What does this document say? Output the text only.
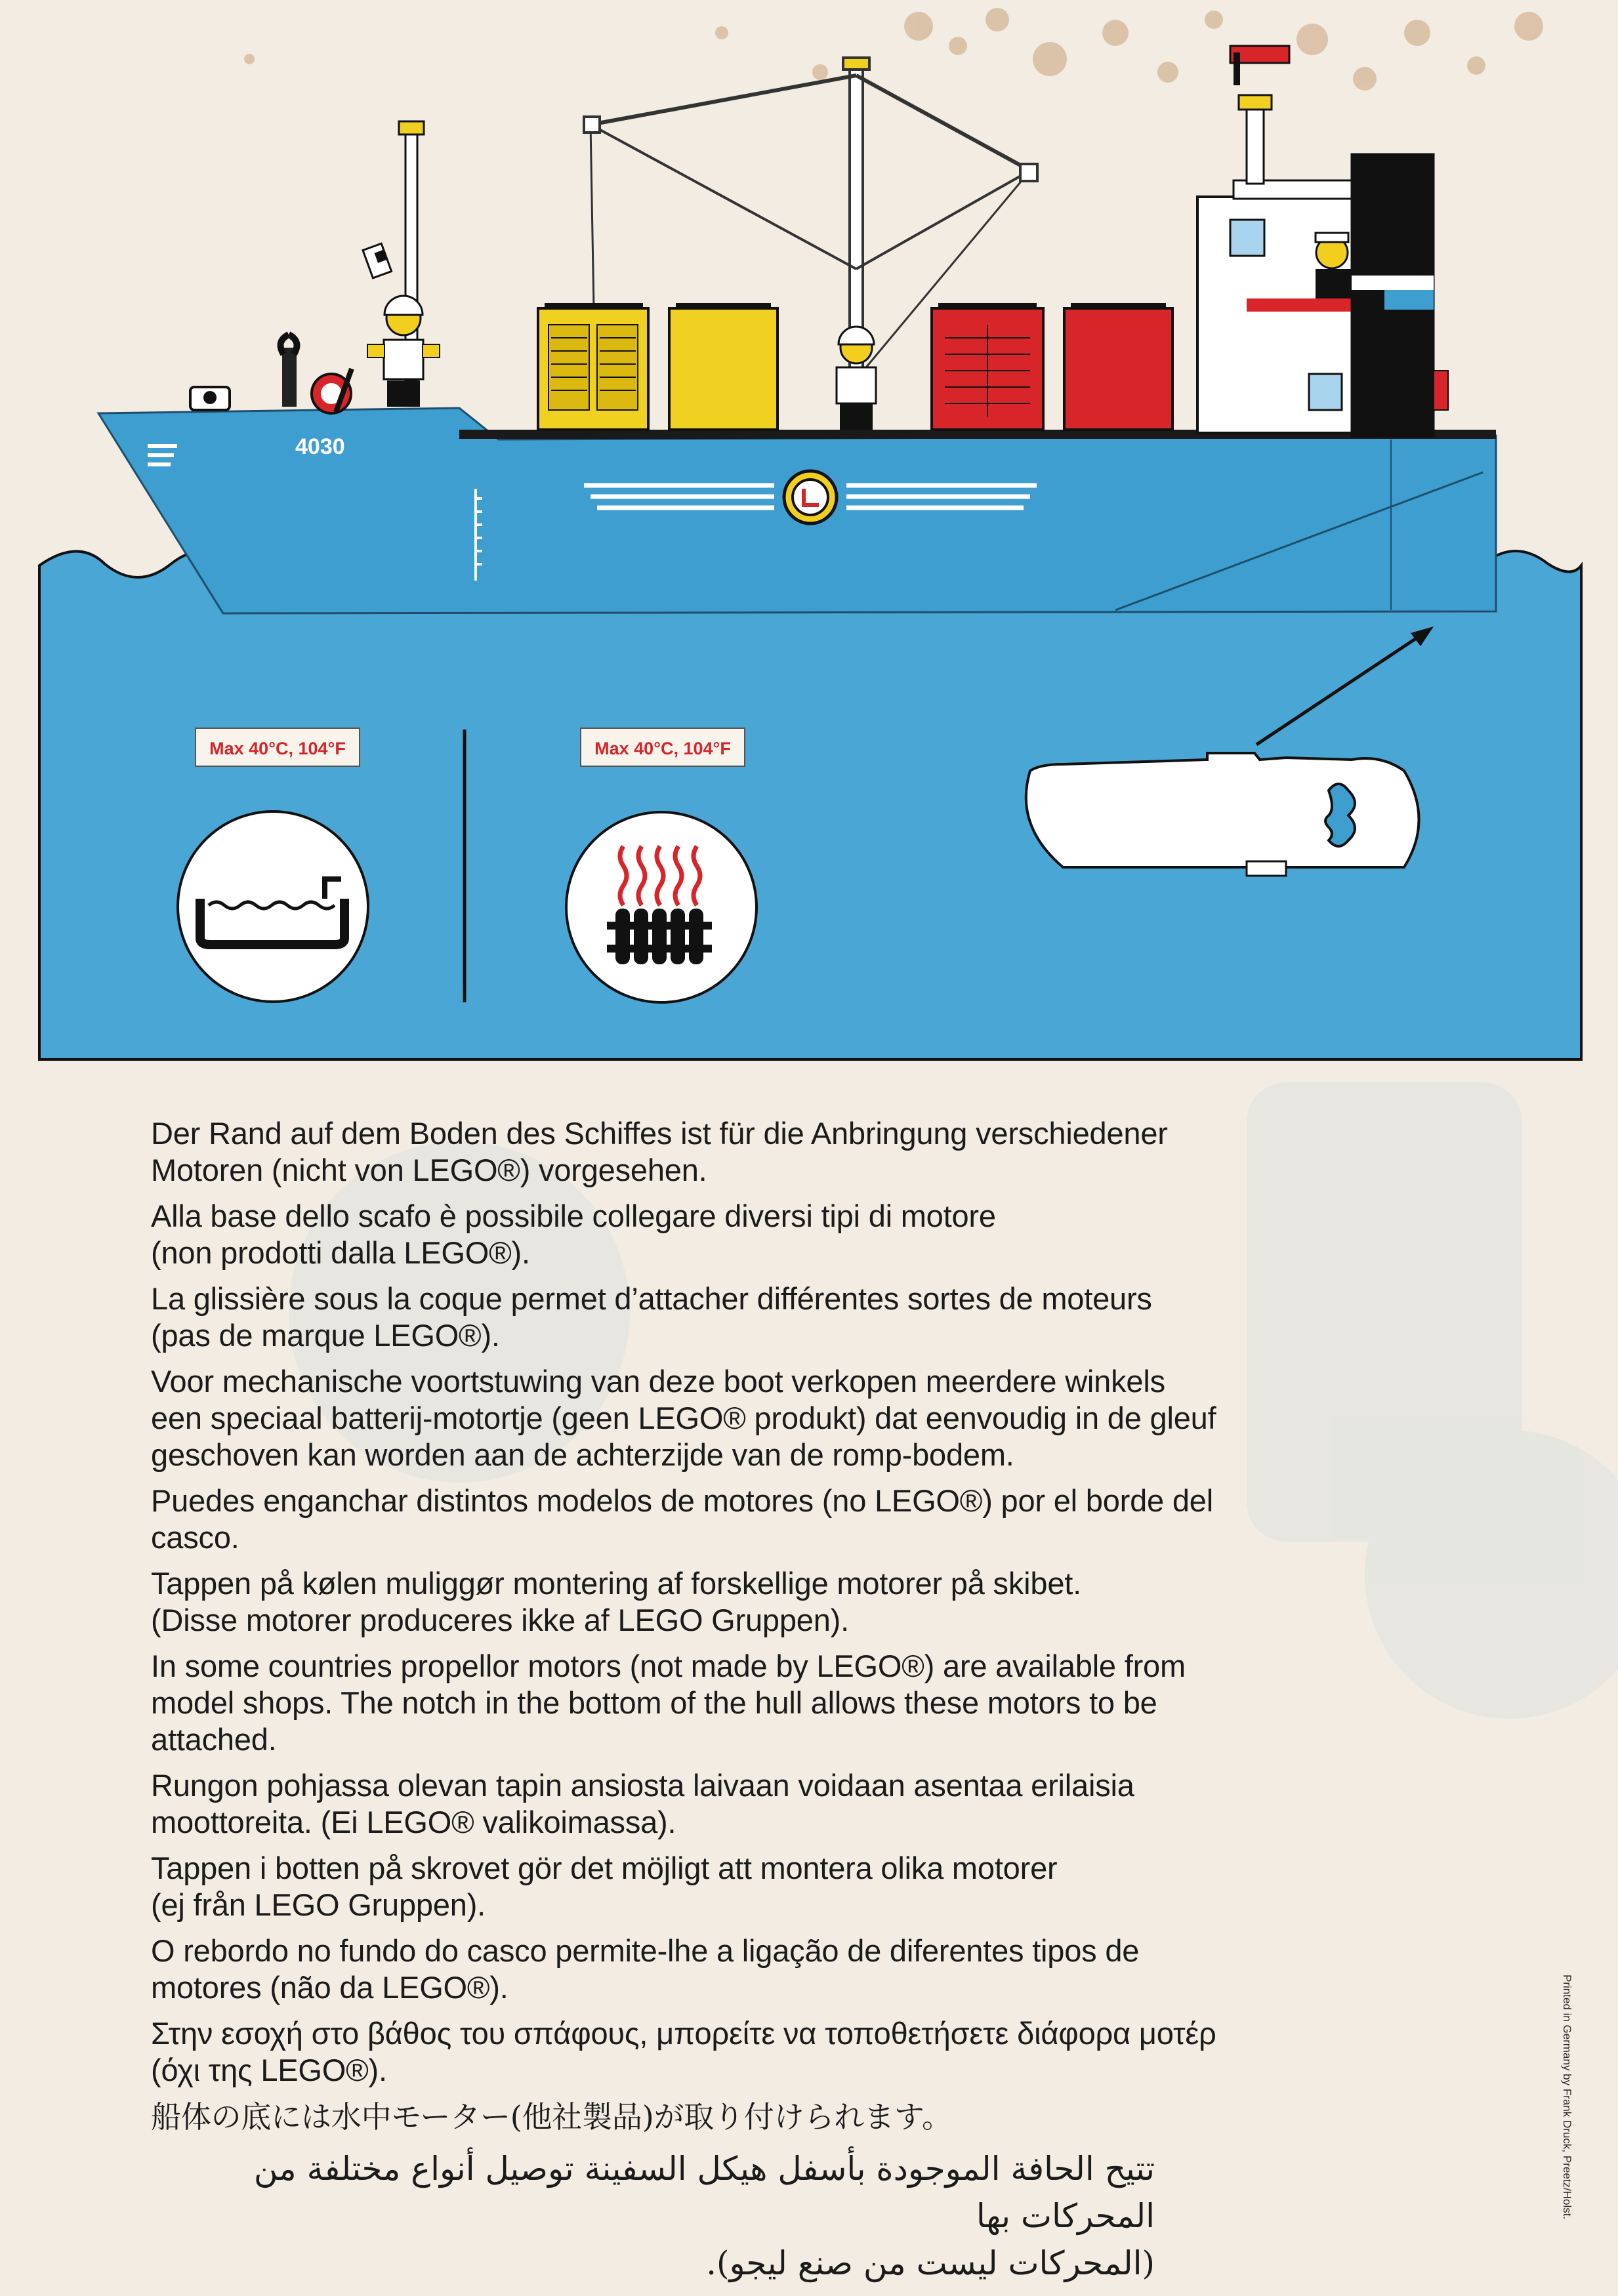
4030
Max 40°C, 104°F	Max 40°C, 104°F

Der Rand auf dem Boden des Schiffes ist für die Anbringung verschiedener
Motoren (nicht von LEGO®) vorgesehen.

Alla base dello scafo è possibile collegare diversi tipi di motore
(non prodotti dalla LEGO®).

La glissière sous la coque permet d’attacher différentes sortes de moteurs
(pas de marque LEGO®).

Voor mechanische voortstuwing van deze boot verkopen meerdere winkels
een speciaal batterij-motortje (geen LEGO® produkt) dat eenvoudig in de gleuf
geschoven kan worden aan de achterzijde van de romp-bodem.

Puedes enganchar distintos modelos de motores (no LEGO®) por el borde del
casco.

Tappen på kølen muliggør montering af forskellige motorer på skibet.
(Disse motorer produceres ikke af LEGO Gruppen).

In some countries propellor motors (not made by LEGO®) are available from
model shops. The notch in the bottom of the hull allows these motors to be
attached.

Rungon pohjassa olevan tapin ansiosta laivaan voidaan asentaa erilaisia
moottoreita. (Ei LEGO® valikoimassa).

Tappen i botten på skrovet gör det möjligt att montera olika motorer
(ej från LEGO Gruppen).

O rebordo no fundo do casco permite-lhe a ligação de diferentes tipos de
motores (não da LEGO®).

Στην εσοχή στο βάθος του σπάφους, μπορείτε να τοποθετήσετε διάφορα μοτέρ
(όχι της LEGO®).

船体の底には水中モーター(他社製品)が取り付けられます。

تتيح الحافة الموجودة بأسفل هيكل السفينة توصيل أنواع مختلفة من المحركات بها
(المحركات ليست من صنع ليجو).

Printed in Germany by Frank Druck, Preetz/Holst.
